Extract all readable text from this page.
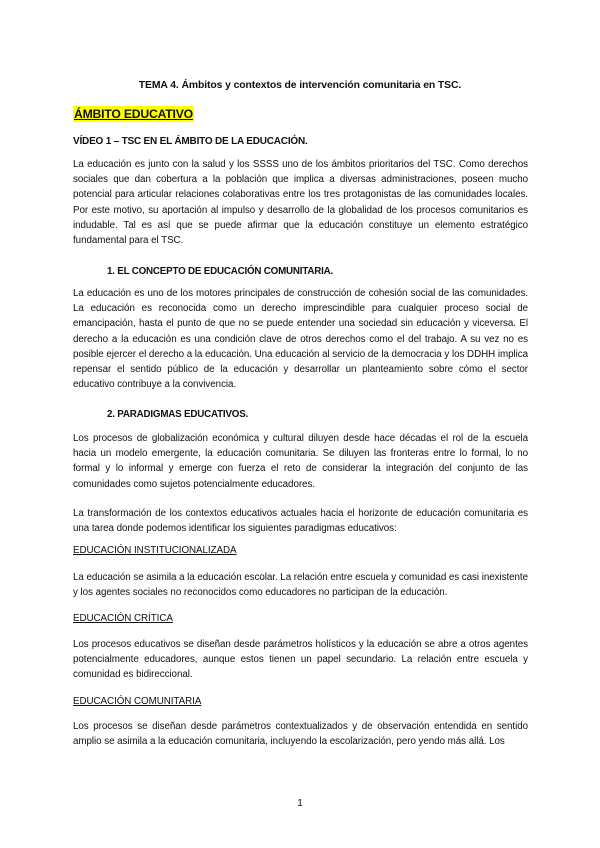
TEMA 4. Ámbitos y contextos de intervención comunitaria en TSC.
ÁMBITO EDUCATIVO
VÍDEO 1 – TSC EN EL ÁMBITO DE LA EDUCACIÓN.
La educación es junto con la salud y los SSSS uno de los ámbitos prioritarios del TSC. Como derechos sociales que dan cobertura a la población que implica a diversas administraciones, poseen mucho potencial para articular relaciones colaborativas entre los tres protagonistas de las comunidades locales. Por este motivo, su aportación al impulso y desarrollo de la globalidad de los procesos comunitarios es indudable. Tal es así que se puede afirmar que la educación constituye un elemento estratégico fundamental para el TSC.
1. EL CONCEPTO DE EDUCACIÓN COMUNITARIA.
La educación es uno de los motores principales de construcción de cohesión social de las comunidades. La educación es reconocida como un derecho imprescindible para cualquier proceso social de emancipación, hasta el punto de que no se puede entender una sociedad sin educación y viceversa. El derecho a la educación es una condición clave de otros derechos como el del trabajo. A su vez no es posible ejercer el derecho a la educación. Una educación al servicio de la democracia y los DDHH implica repensar el sentido público de la educación y desarrollar un planteamiento sobre cómo el sector educativo contribuye a la convivencia.
2. PARADIGMAS EDUCATIVOS.
Los procesos de globalización económica y cultural diluyen desde hace décadas el rol de la escuela hacia un modelo emergente, la educación comunitaria. Se diluyen las fronteras entre lo formal, lo no formal y lo informal y emerge con fuerza el reto de considerar la integración del conjunto de las comunidades como sujetos potencialmente educadores.
La transformación de los contextos educativos actuales hacia el horizonte de educación comunitaria es una tarea donde podemos identificar los siguientes paradigmas educativos:
EDUCACIÓN INSTITUCIONALIZADA
La educación se asimila a la educación escolar. La relación entre escuela y comunidad es casi inexistente y los agentes sociales no reconocidos como educadores no participan de la educación.
EDUCACIÓN CRÍTICA
Los procesos educativos se diseñan desde parámetros holísticos y la educación se abre a otros agentes potencialmente educadores, aunque estos tienen un papel secundario. La relación entre escuela y comunidad es bidireccional.
EDUCACIÓN COMUNITARIA
Los procesos se diseñan desde parámetros contextualizados y de observación entendida en sentido amplio se asimila a la educación comunitaria, incluyendo la escolarización, pero yendo más allá. Los
1
